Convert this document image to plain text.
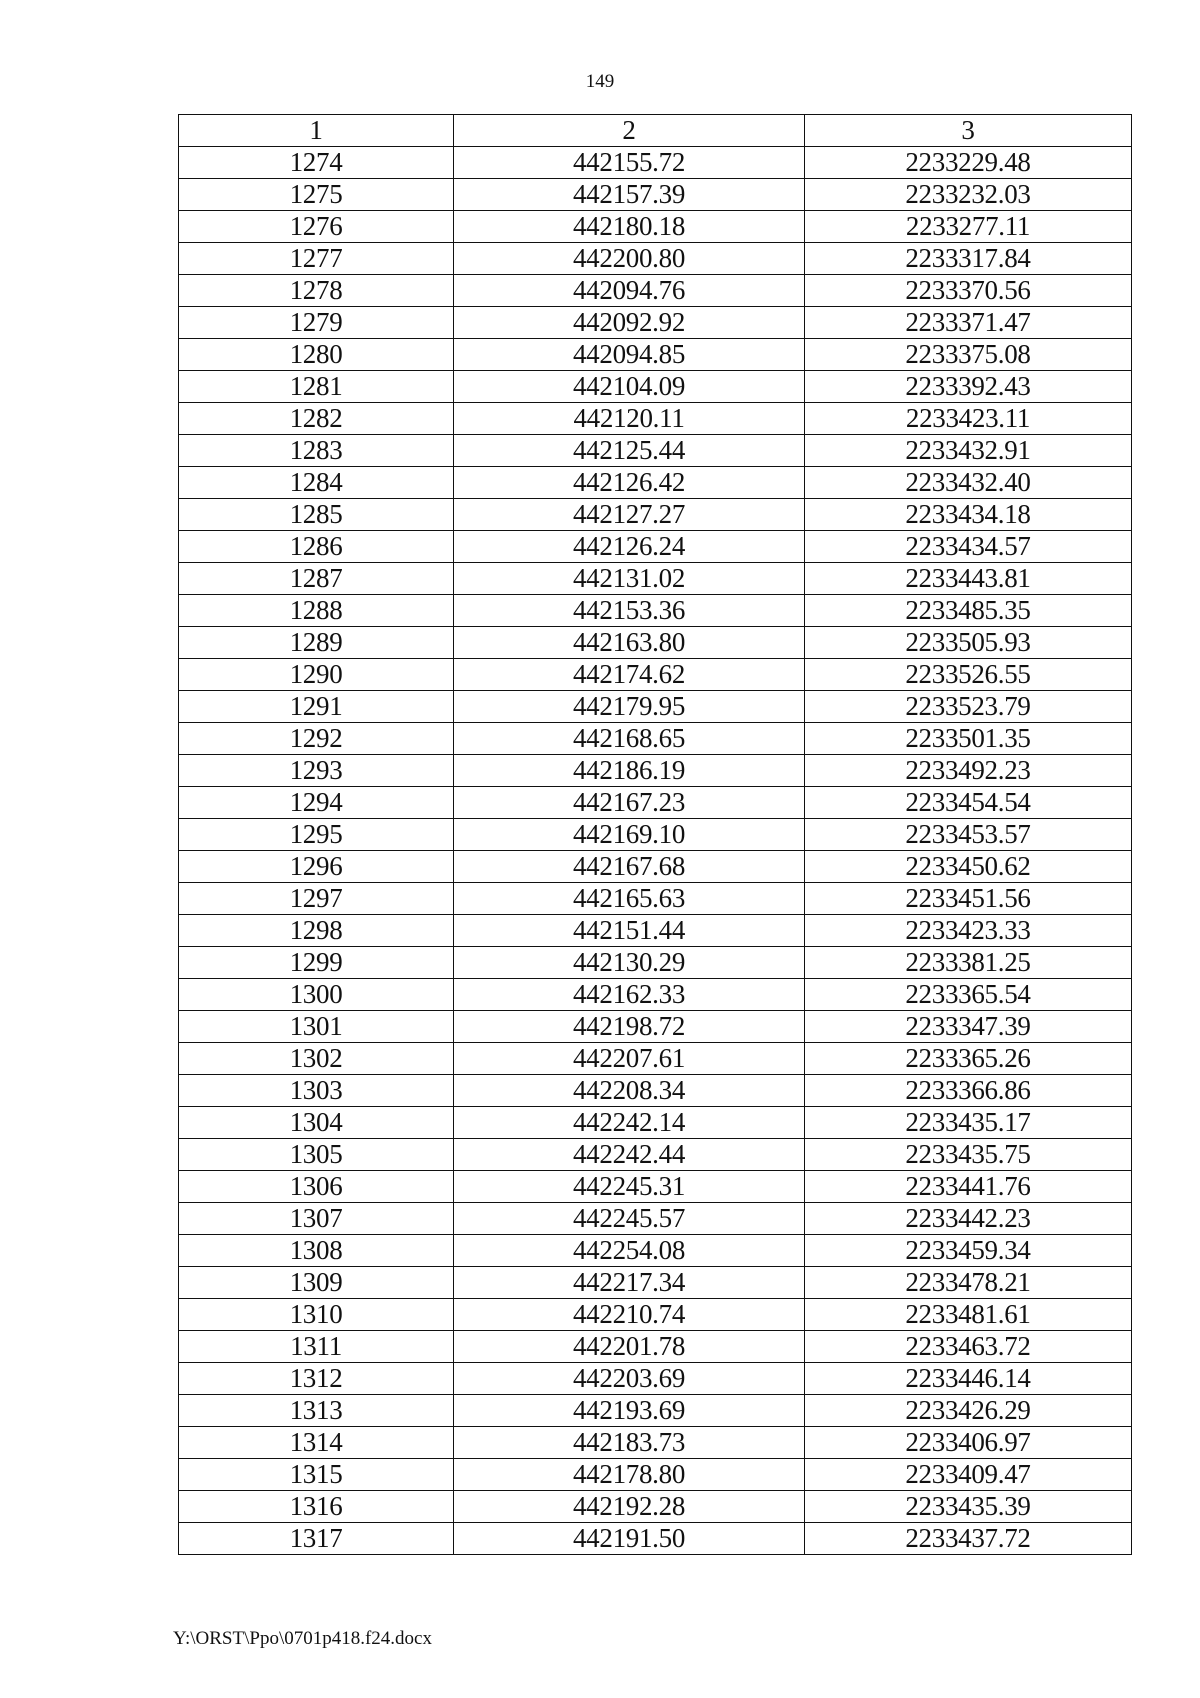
149
1	2	3
1274	442155.72	2233229.48
1275	442157.39	2233232.03
1276	442180.18	2233277.11
1277	442200.80	2233317.84
1278	442094.76	2233370.56
1279	442092.92	2233371.47
1280	442094.85	2233375.08
1281	442104.09	2233392.43
1282	442120.11	2233423.11
1283	442125.44	2233432.91
1284	442126.42	2233432.40
1285	442127.27	2233434.18
1286	442126.24	2233434.57
1287	442131.02	2233443.81
1288	442153.36	2233485.35
1289	442163.80	2233505.93
1290	442174.62	2233526.55
1291	442179.95	2233523.79
1292	442168.65	2233501.35
1293	442186.19	2233492.23
1294	442167.23	2233454.54
1295	442169.10	2233453.57
1296	442167.68	2233450.62
1297	442165.63	2233451.56
1298	442151.44	2233423.33
1299	442130.29	2233381.25
1300	442162.33	2233365.54
1301	442198.72	2233347.39
1302	442207.61	2233365.26
1303	442208.34	2233366.86
1304	442242.14	2233435.17
1305	442242.44	2233435.75
1306	442245.31	2233441.76
1307	442245.57	2233442.23
1308	442254.08	2233459.34
1309	442217.34	2233478.21
1310	442210.74	2233481.61
1311	442201.78	2233463.72
1312	442203.69	2233446.14
1313	442193.69	2233426.29
1314	442183.73	2233406.97
1315	442178.80	2233409.47
1316	442192.28	2233435.39
1317	442191.50	2233437.72
Y:\ORST\Ppo\0701p418.f24.docx
